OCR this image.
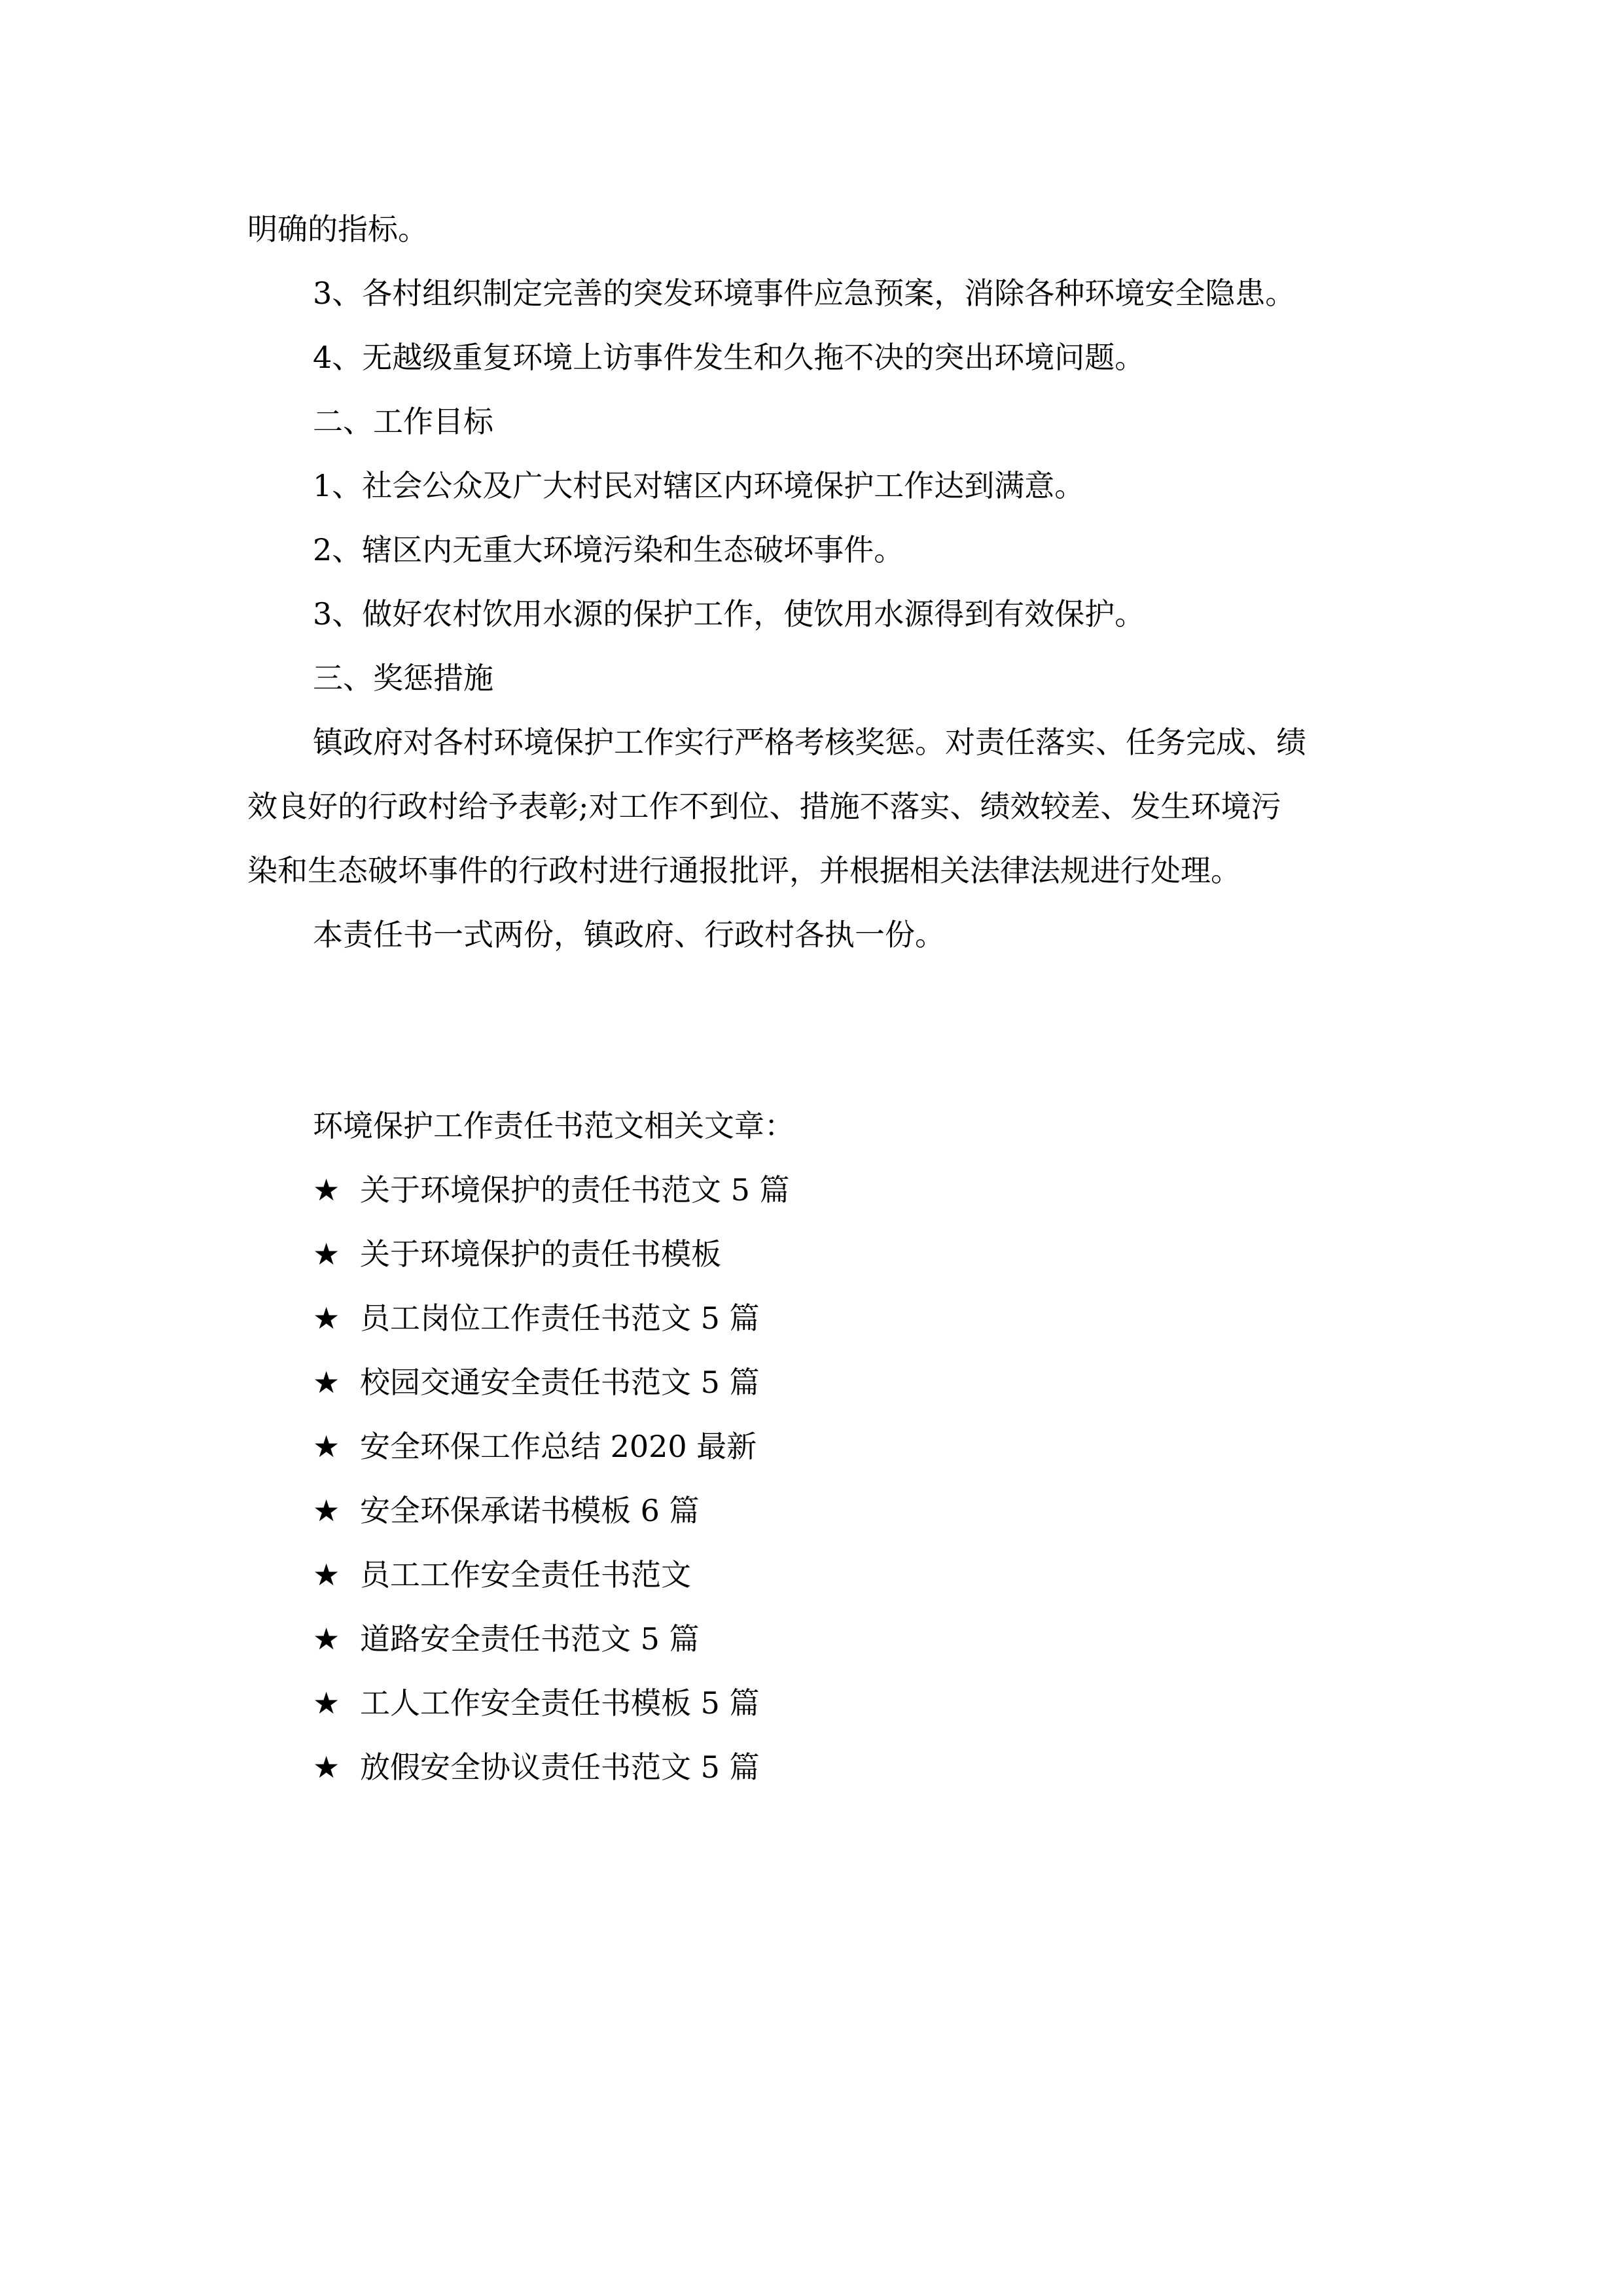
明确的指标。
3、各村组织制定完善的突发环境事件应急预案，消除各种环境安全隐患。
4、无越级重复环境上访事件发生和久拖不决的突出环境问题。
二、工作目标
1、社会公众及广大村民对辖区内环境保护工作达到满意。
2、辖区内无重大环境污染和生态破坏事件。
3、做好农村饮用水源的保护工作，使饮用水源得到有效保护。
三、奖惩措施
镇政府对各村环境保护工作实行严格考核奖惩。对责任落实、任务完成、绩
效良好的行政村给予表彰;对工作不到位、措施不落实、绩效较差、发生环境污
染和生态破坏事件的行政村进行通报批评，并根据相关法律法规进行处理。
本责任书一式两份，镇政府、行政村各执一份。
环境保护工作责任书范文相关文章：
★ 关于环境保护的责任书范文 5 篇
★ 关于环境保护的责任书模板
★ 员工岗位工作责任书范文 5 篇
★ 校园交通安全责任书范文 5 篇
★ 安全环保工作总结 2020 最新
★ 安全环保承诺书模板 6 篇
★ 员工工作安全责任书范文
★ 道路安全责任书范文 5 篇
★ 工人工作安全责任书模板 5 篇
★ 放假安全协议责任书范文 5 篇
